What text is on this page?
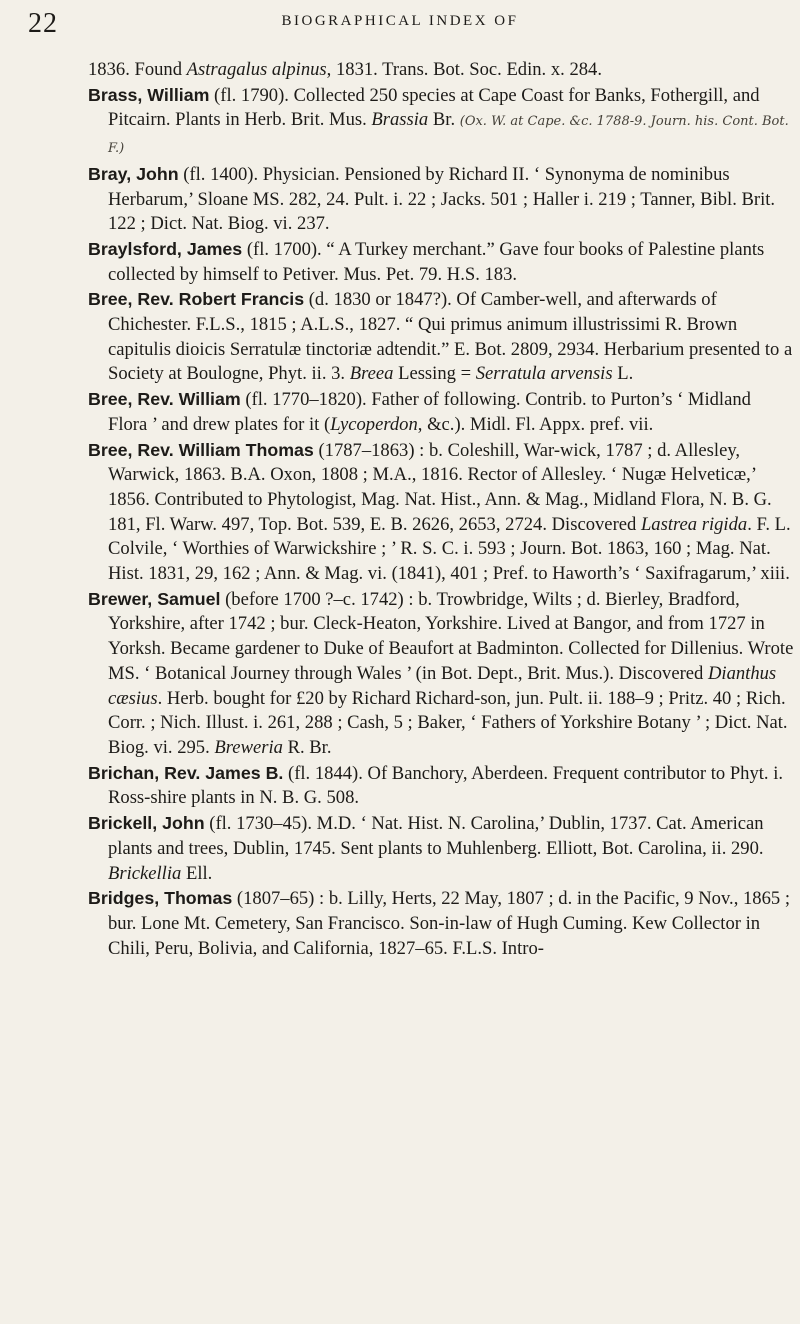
22	BIOGRAPHICAL INDEX OF

1836. Found Astragalus alpinus, 1831. Trans. Bot. Soc. Edin. x. 284.

Brass, William (fl. 1790). Collected 250 species at Cape Coast for Banks, Fothergill, and Pitcairn. Plants in Herb. Brit. Mus. Brassia Br. (Ox. W. at Cape. &c. 1788-9. Journ. his. Cont. Bot. F.)

Bray, John (fl. 1400). Physician. Pensioned by Richard II. ‘ Synonyma de nominibus Herbarum,’ Sloane MS. 282, 24. Pult. i. 22 ; Jacks. 501 ; Haller i. 219 ; Tanner, Bibl. Brit. 122 ; Dict. Nat. Biog. vi. 237.

Braylsford, James (fl. 1700). “ A Turkey merchant.” Gave four books of Palestine plants collected by himself to Petiver. Mus. Pet. 79. H.S. 183.

Bree, Rev. Robert Francis (d. 1830 or 1847?). Of Camber-well, and afterwards of Chichester. F.L.S., 1815 ; A.L.S., 1827. “ Qui primus animum illustrissimi R. Brown capitulis dioicis Serratulæ tinctoriæ adtendit.” E. Bot. 2809, 2934. Herbarium presented to a Society at Boulogne, Phyt. ii. 3. Breea Lessing = Serratula arvensis L.

Bree, Rev. William (fl. 1770–1820). Father of following. Contrib. to Purton’s ‘ Midland Flora ’ and drew plates for it (Lycoperdon, &c.). Midl. Fl. Appx. pref. vii.

Bree, Rev. William Thomas (1787–1863) : b. Coleshill, War-wick, 1787 ; d. Allesley, Warwick, 1863. B.A. Oxon, 1808 ; M.A., 1816. Rector of Allesley. ‘ Nugæ Helveticæ,’ 1856. Contributed to Phytologist, Mag. Nat. Hist., Ann. & Mag., Midland Flora, N. B. G. 181, Fl. Warw. 497, Top. Bot. 539, E. B. 2626, 2653, 2724. Discovered Lastrea rigida. F. L. Colvile, ‘ Worthies of Warwickshire ; ’ R. S. C. i. 593 ; Journ. Bot. 1863, 160 ; Mag. Nat. Hist. 1831, 29, 162 ; Ann. & Mag. vi. (1841), 401 ; Pref. to Haworth’s ‘ Saxifragarum,’ xiii.

Brewer, Samuel (before 1700 ?–c. 1742) : b. Trowbridge, Wilts ; d. Bierley, Bradford, Yorkshire, after 1742 ; bur. Cleck-Heaton, Yorkshire. Lived at Bangor, and from 1727 in Yorksh. Became gardener to Duke of Beaufort at Badminton. Collected for Dillenius. Wrote MS. ‘ Botanical Journey through Wales ’ (in Bot. Dept., Brit. Mus.). Discovered Dianthus cæsius. Herb. bought for £20 by Richard Richard-son, jun. Pult. ii. 188–9 ; Pritz. 40 ; Rich. Corr. ; Nich. Illust. i. 261, 288 ; Cash, 5 ; Baker, ‘ Fathers of Yorkshire Botany ’ ; Dict. Nat. Biog. vi. 295. Breweria R. Br.

Brichan, Rev. James B. (fl. 1844). Of Banchory, Aberdeen. Frequent contributor to Phyt. i. Ross-shire plants in N. B. G. 508.

Brickell, John (fl. 1730–45). M.D. ‘ Nat. Hist. N. Carolina,’ Dublin, 1737. Cat. American plants and trees, Dublin, 1745. Sent plants to Muhlenberg. Elliott, Bot. Carolina, ii. 290. Brickellia Ell.

Bridges, Thomas (1807–65) : b. Lilly, Herts, 22 May, 1807 ; d. in the Pacific, 9 Nov., 1865 ; bur. Lone Mt. Cemetery, San Francisco. Son-in-law of Hugh Cuming. Kew Collector in Chili, Peru, Bolivia, and California, 1827–65. F.L.S. Intro-
